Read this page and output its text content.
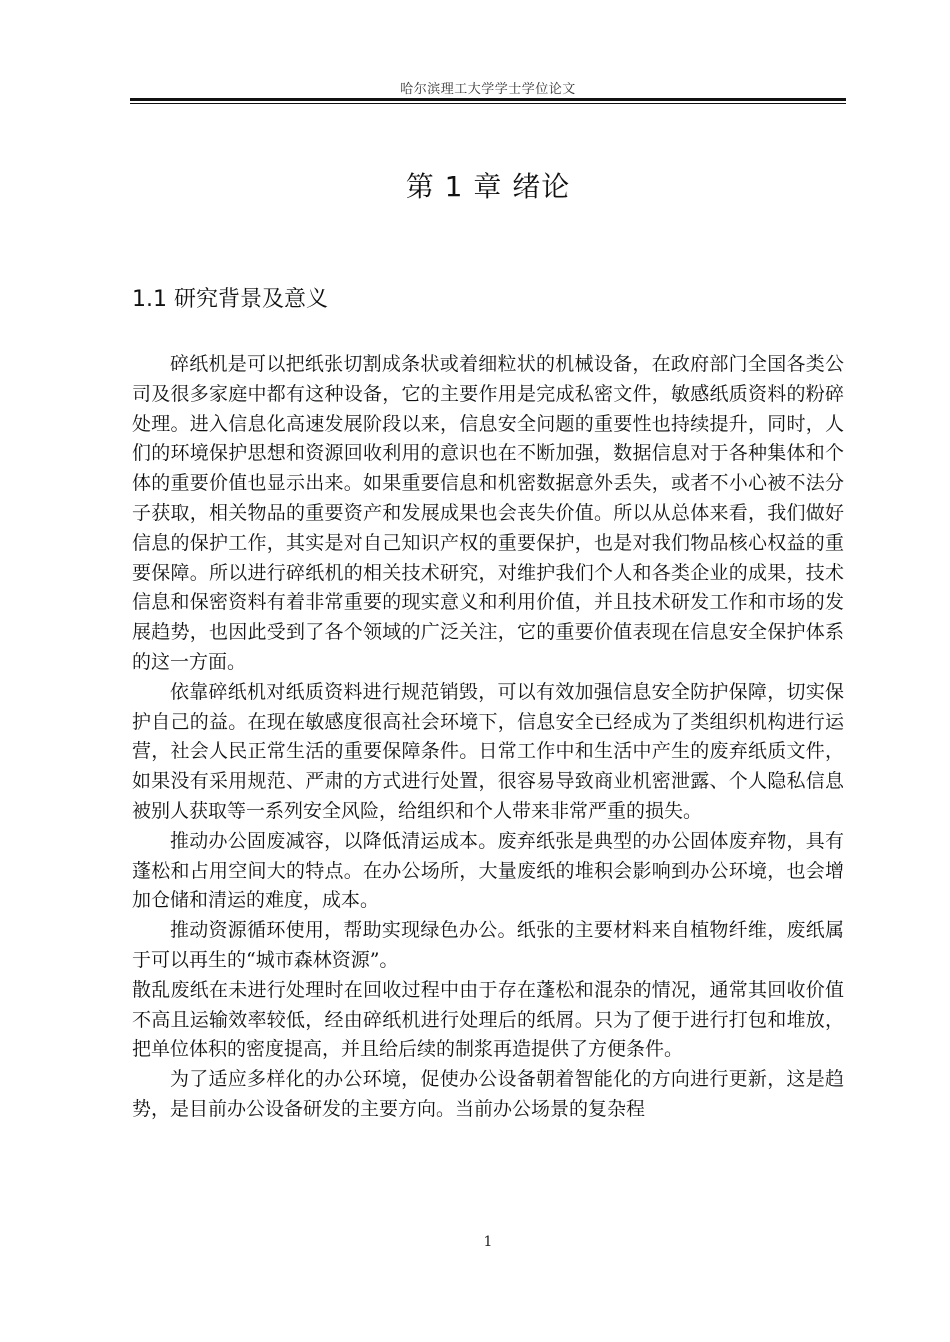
哈尔滨理工大学学士学位论文
第 1 章 绪论
1.1 研究背景及意义

碎纸机是可以把纸张切割成条状或着细粒状的机械设备，在政府部门全国各类公司及很多家庭中都有这种设备，它的主要作用是完成私密文件，敏感纸质资料的粉碎处理。进入信息化高速发展阶段以来，信息安全问题的重要性也持续提升，同时，人们的环境保护思想和资源回收利用的意识也在不断加强，数据信息对于各种集体和个体的重要价值也显示出来。如果重要信息和机密数据意外丢失，或者不小心被不法分子获取，相关物品的重要资产和发展成果也会丧失价值。所以从总体来看，我们做好信息的保护工作，其实是对自己知识产权的重要保护，也是对我们物品核心权益的重要保障。所以进行碎纸机的相关技术研究，对维护我们个人和各类企业的成果，技术信息和保密资料有着非常重要的现实意义和利用价值，并且技术研发工作和市场的发展趋势，也因此受到了各个领域的广泛关注，它的重要价值表现在信息安全保护体系的这一方面。

依靠碎纸机对纸质资料进行规范销毁，可以有效加强信息安全防护保障，切实保护自己的益。在现在敏感度很高社会环境下，信息安全已经成为了类组织机构进行运营，社会人民正常生活的重要保障条件。日常工作中和生活中产生的废弃纸质文件，如果没有采用规范、严肃的方式进行处置，很容易导致商业机密泄露、个人隐私信息被别人获取等一系列安全风险，给组织和个人带来非常严重的损失。

推动办公固废减容，以降低清运成本。废弃纸张是典型的办公固体废弃物，具有蓬松和占用空间大的特点。在办公场所，大量废纸的堆积会影响到办公环境，也会增加仓储和清运的难度，成本。

推动资源循环使用，帮助实现绿色办公。纸张的主要材料来自植物纤维，废纸属于可以再生的“城市森林资源”。

散乱废纸在未进行处理时在回收过程中由于存在蓬松和混杂的情况，通常其回收价值不高且运输效率较低，经由碎纸机进行处理后的纸屑。只为了便于进行打包和堆放，把单位体积的密度提高，并且给后续的制浆再造提供了方便条件。

为了适应多样化的办公环境，促使办公设备朝着智能化的方向进行更新，这是趋势，是目前办公设备研发的主要方向。当前办公场景的复杂程

1
